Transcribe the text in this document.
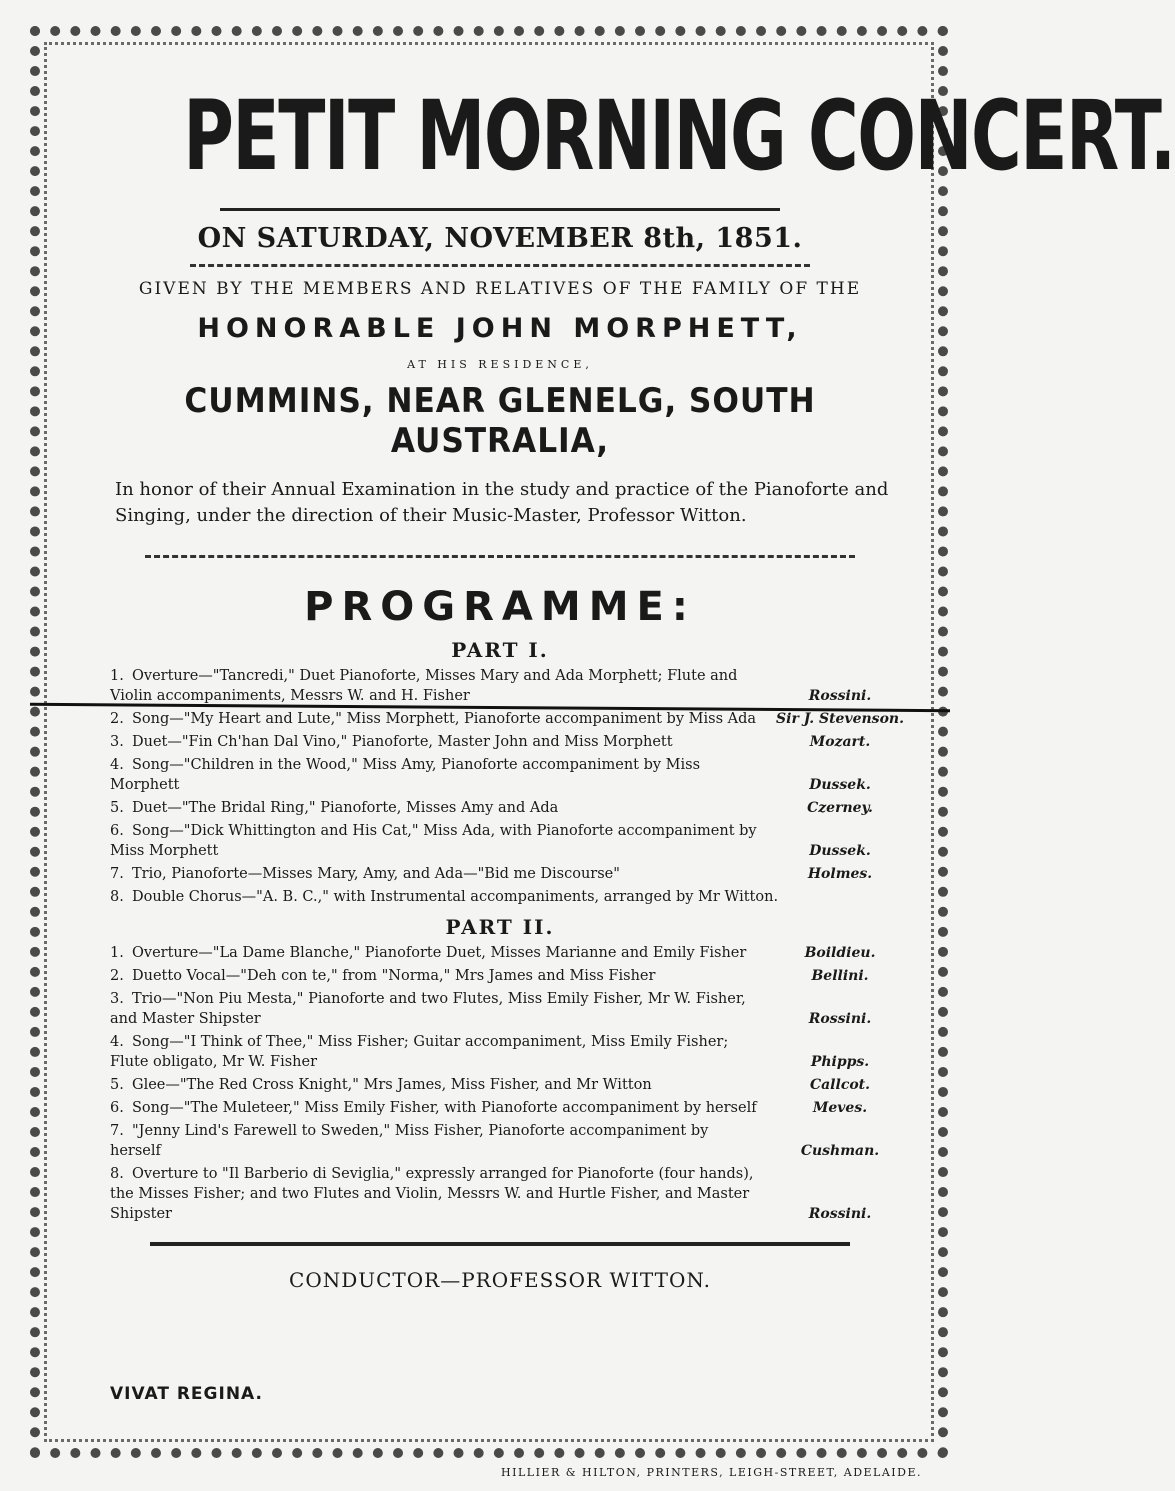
PETIT MORNING CONCERT.
ON SATURDAY, NOVEMBER 8th, 1851.
GIVEN BY THE MEMBERS AND RELATIVES OF THE FAMILY OF THE
HONORABLE JOHN MORPHETT,
AT HIS RESIDENCE,
CUMMINS, NEAR GLENELG, SOUTH AUSTRALIA,
In honor of their Annual Examination in the study and practice of the Pianoforte and Singing, under the direction of their Music-Master, Professor Witton.
PROGRAMME:
PART I.
1. Overture—"Tancredi," Duet Pianoforte, Misses Mary and Ada Morphett; Flute and Violin accompaniments, Messrs W. and H. Fisher	Rossini.
2. Song—"My Heart and Lute," Miss Morphett, Pianoforte accompaniment by Miss Ada	Sir J. Stevenson.
3. Duet—"Fin Ch'han Dal Vino," Pianoforte, Master John and Miss Morphett	Mozart.
4. Song—"Children in the Wood," Miss Amy, Pianoforte accompaniment by Miss Morphett	Dussek.
5. Duet—"The Bridal Ring," Pianoforte, Misses Amy and Ada	Czerney.
6. Song—"Dick Whittington and His Cat," Miss Ada, with Pianoforte accompaniment by Miss Morphett	Dussek.
7. Trio, Pianoforte—Misses Mary, Amy, and Ada—"Bid me Discourse"	Holmes.
8. Double Chorus—"A. B. C.," with Instrumental accompaniments, arranged by Mr Witton.
PART II.
1. Overture—"La Dame Blanche," Pianoforte Duet, Misses Marianne and Emily Fisher	Boildieu.
2. Duetto Vocal—"Deh con te," from "Norma," Mrs James and Miss Fisher	Bellini.
3. Trio—"Non Piu Mesta," Pianoforte and two Flutes, Miss Emily Fisher, Mr W. Fisher, and Master Shipster	Rossini.
4. Song—"I Think of Thee," Miss Fisher; Guitar accompaniment, Miss Emily Fisher; Flute obligato, Mr W. Fisher	Phipps.
5. Glee—"The Red Cross Knight," Mrs James, Miss Fisher, and Mr Witton	Callcot.
6. Song—"The Muleteer," Miss Emily Fisher, with Pianoforte accompaniment by herself	Meves.
7. "Jenny Lind's Farewell to Sweden," Miss Fisher, Pianoforte accompaniment by herself	Cushman.
8. Overture to "Il Barberio di Seviglia," expressly arranged for Pianoforte (four hands), the Misses Fisher; and two Flutes and Violin, Messrs W. and Hurtle Fisher, and Master Shipster	Rossini.
CONDUCTOR—PROFESSOR WITTON.
VIVAT REGINA.
HILLIER & HILTON, PRINTERS, LEIGH-STREET, ADELAIDE.
